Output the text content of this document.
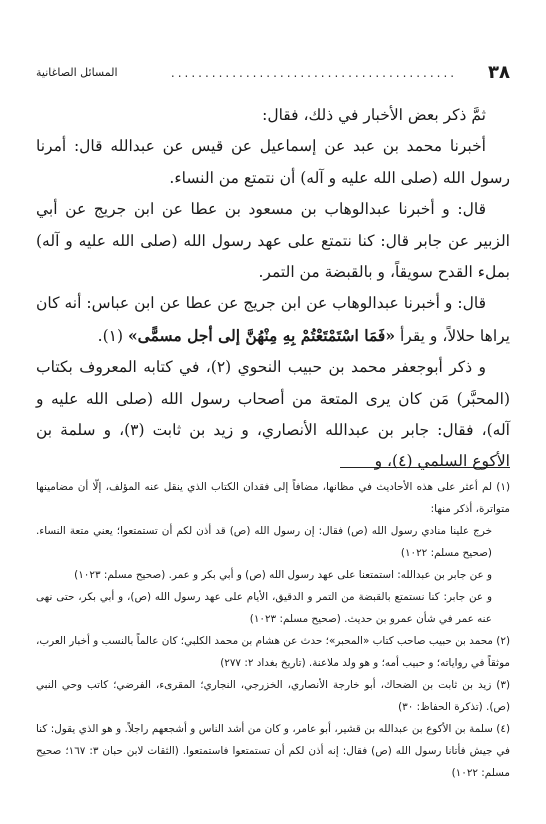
٣٨
..........................................
المسائل الصاغانية

ثمَّ ذكر بعض الأخبار في ذلك، فقال:

أخبرنا محمد بن عبد عن إسماعيل عن قيس عن عبدالله قال: أمرنا رسول الله (صلى الله عليه و آله) أن نتمتع من النساء.

قال: و أخبرنا عبدالوهاب بن مسعود بن عطا عن ابن جريج عن أبي الزبير عن جابر قال: كنا نتمتع على عهد رسول الله (صلى الله عليه و آله) بملء القدح سويقاً، و بالقبضة من التمر.

قال: و أخبرنا عبدالوهاب عن ابن جريج عن عطا عن ابن عباس: أنه كان يراها حلالاً، و يقرأ «فَمَا اسْتَمْتَعْتُمْ بِهِ مِنْهُنَّ إلى أجل مسمًّى» (١).

و ذكر أبوجعفر محمد بن حبيب النحوي (٢)، في كتابه المعروف بكتاب (المحبَّر) مَن كان يرى المتعة من أصحاب رسول الله (صلى الله عليه و آله)، فقال: جابر بن عبدالله الأنصاري، و زيد بن ثابت (٣)، و سلمة بن الأكوع السلمي (٤)، و

(١) لم أعثر على هذه الأحاديث في مظانها، مضافاً إلى فقدان الكتاب الذي ينقل عنه المؤلف، إلّا أن مضامينها متواترة، أذكر منها:

خرج علينا منادي رسول الله (ص) فقال: إن رسول الله (ص) قد أذن لكم أن تستمتعوا؛ يعني متعة النساء. (صحيح مسلم: ١٠٢٢)

و عن جابر بن عبدالله: استمتعنا على عهد رسول الله (ص) و أبي بكر و عمر. (صحيح مسلم: ١٠٢٣)

و عن جابر: كنا نستمتع بالقبضة من التمر و الدقيق، الأيام على عهد رسول الله (ص)، و أبي بكر، حتى نهى عنه عمر في شأن عمرو بن حديث. (صحيح مسلم: ١٠٢٣)

(٢) محمد بن حبيب صاحب كتاب «المحبر»؛ حدث عن هشام بن محمد الكلبي؛ كان عالماً بالنسب و أخبار العرب، موثقاً في رواياته؛ و حبيب أمه؛ و هو ولد ملاعنة. (تاريخ بغداد ٢: ٢٧٧)

(٣) زيد بن ثابت بن الضحاك، أبو خارجة الأنصاري، الخزرجي، النجاري؛ المقرىء، الفرضي؛ كاتب وحي النبي (ص). (تذكرة الحفاظ: ٣٠)

(٤) سلمة بن الأكوع بن عبدالله بن قشير، أبو عامر، و كان من أشد الناس و أشجعهم راجلاً. و هو الذي يقول: كنا في جيش فأتانا رسول الله (ص) فقال: إنه أذن لكم أن تستمتعوا فاستمتعوا. (الثقات لابن حبان ٣: ١٦٧؛ صحيح مسلم: ١٠٢٢)
